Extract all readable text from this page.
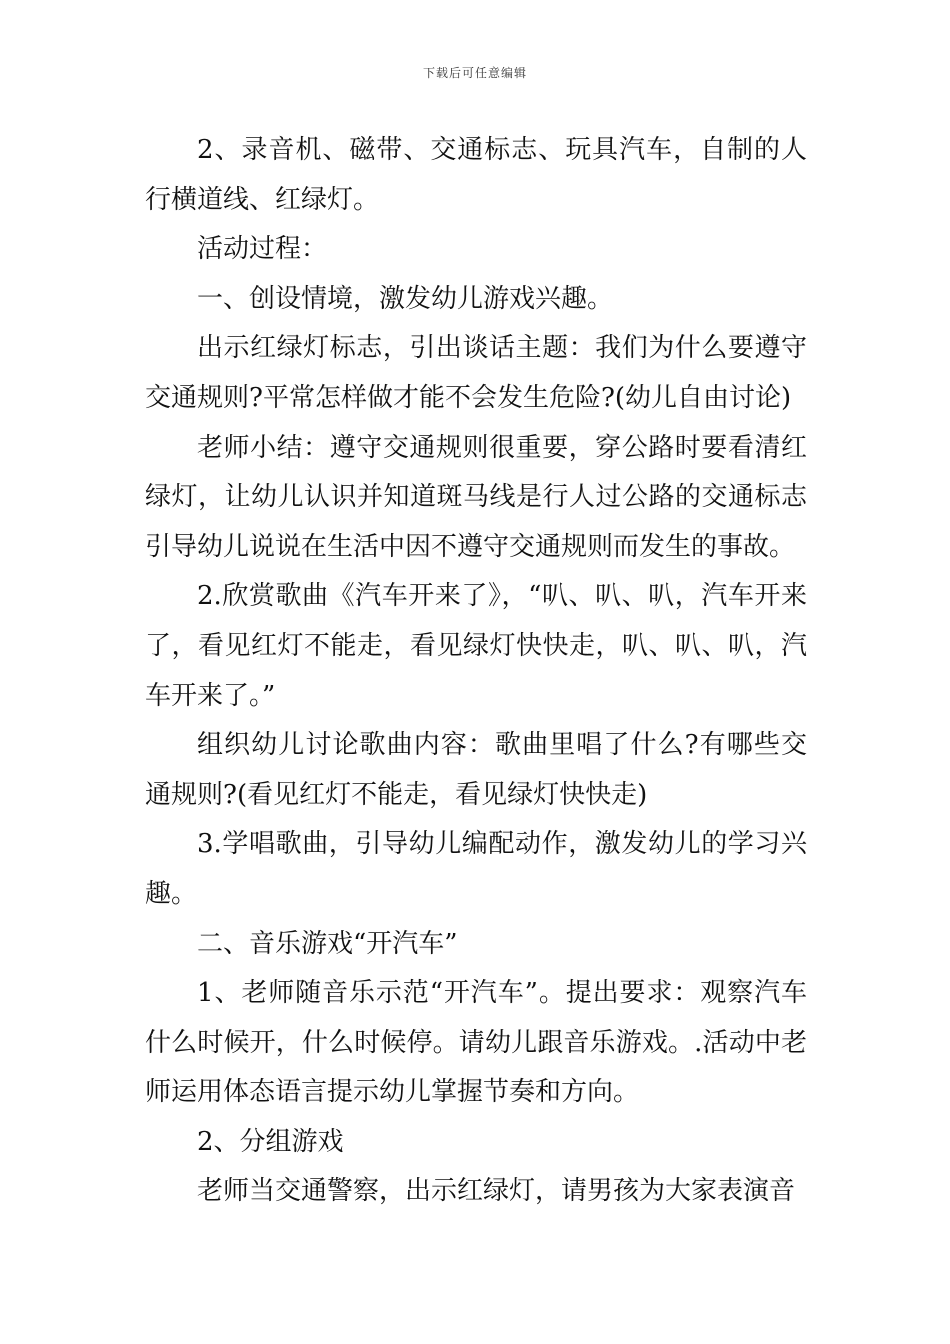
下载后可任意编辑

2、录音机、磁带、交通标志、玩具汽车，自制的人行横道线、红绿灯。

活动过程：

一、创设情境，激发幼儿游戏兴趣。

出示红绿灯标志，引出谈话主题：我们为什么要遵守交通规则?平常怎样做才能不会发生危险?(幼儿自由讨论)

老师小结：遵守交通规则很重要，穿公路时要看清红绿灯，让幼儿认识并知道斑马线是行人过公路的交通标志引导幼儿说说在生活中因不遵守交通规则而发生的事故。

2.欣赏歌曲《汽车开来了》，“叭、叭、叭，汽车开来了，看见红灯不能走，看见绿灯快快走，叭、叭、叭，汽车开来了。”

组织幼儿讨论歌曲内容：歌曲里唱了什么?有哪些交通规则?(看见红灯不能走，看见绿灯快快走)

3.学唱歌曲，引导幼儿编配动作，激发幼儿的学习兴趣。

二、音乐游戏“开汽车”

1、老师随音乐示范“开汽车”。提出要求：观察汽车什么时候开，什么时候停。请幼儿跟音乐游戏。.活动中老师运用体态语言提示幼儿掌握节奏和方向。

2、分组游戏

老师当交通警察，出示红绿灯，请男孩为大家表演音
